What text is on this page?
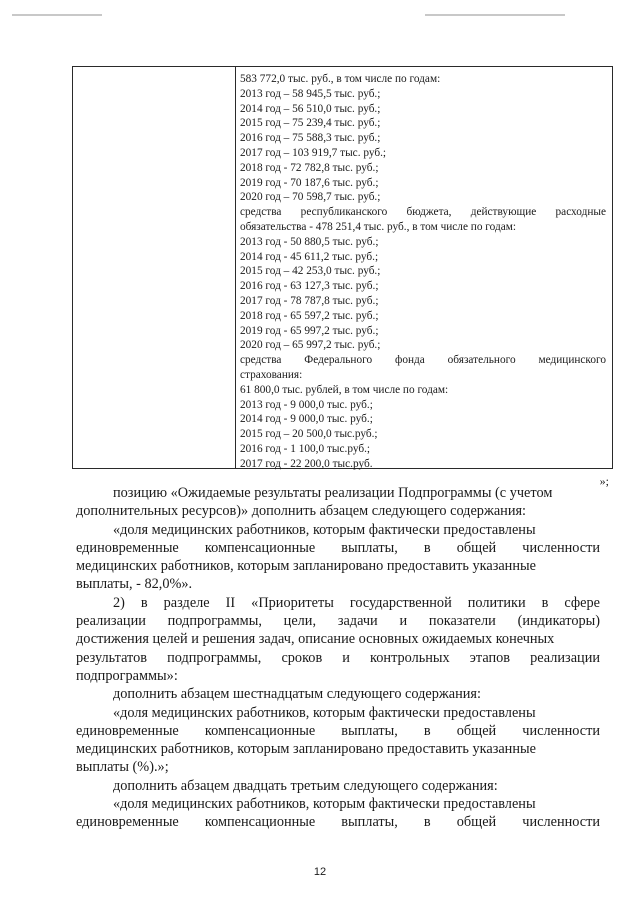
583 772,0 тыс. руб., в том числе по годам:
2013 год – 58 945,5 тыс. руб.;
2014 год – 56 510,0 тыс. руб.;
2015 год – 75 239,4 тыс. руб.;
2016 год – 75 588,3 тыс. руб.;
2017 год – 103 919,7 тыс. руб.;
2018 год - 72 782,8 тыс. руб.;
2019 год - 70 187,6 тыс. руб.;
2020 год – 70 598,7 тыс. руб.;
средства республиканского бюджета, действующие расходные
обязательства - 478 251,4 тыс. руб., в том числе по годам:
2013 год - 50 880,5 тыс. руб.;
2014 год - 45 611,2 тыс. руб.;
2015 год – 42 253,0 тыс. руб.;
2016 год - 63 127,3 тыс. руб.;
2017 год - 78 787,8 тыс. руб.;
2018 год - 65 597,2 тыс. руб.;
2019 год - 65 997,2 тыс. руб.;
2020 год – 65 997,2 тыс. руб.;
средства Федерального фонда обязательного медицинского
страхования:
61 800,0 тыс. рублей, в том числе по годам:
2013 год - 9 000,0 тыс. руб.;
2014 год - 9 000,0 тыс. руб.;
2015 год – 20 500,0 тыс.руб.;
2016 год - 1 100,0 тыс.руб.;
2017 год - 22 200,0 тыс.руб.
»;
позицию «Ожидаемые результаты реализации Подпрограммы (с учетом
дополнительных ресурсов)» дополнить абзацем следующего содержания:
«доля медицинских работников, которым фактически предоставлены
единовременные компенсационные выплаты, в общей численности
медицинских работников, которым запланировано предоставить указанные
выплаты, - 82,0%».
2) в разделе II «Приоритеты государственной политики в сфере
реализации подпрограммы, цели, задачи и показатели (индикаторы)
достижения целей и решения задач, описание основных ожидаемых конечных
результатов подпрограммы, сроков и контрольных этапов реализации
подпрограммы»:
дополнить абзацем шестнадцатым следующего содержания:
«доля медицинских работников, которым фактически предоставлены
единовременные компенсационные выплаты, в общей численности
медицинских работников, которым запланировано предоставить указанные
выплаты (%).»;
дополнить абзацем двадцать третьим следующего содержания:
«доля медицинских работников, которым фактически предоставлены
единовременные компенсационные выплаты, в общей численности
12
